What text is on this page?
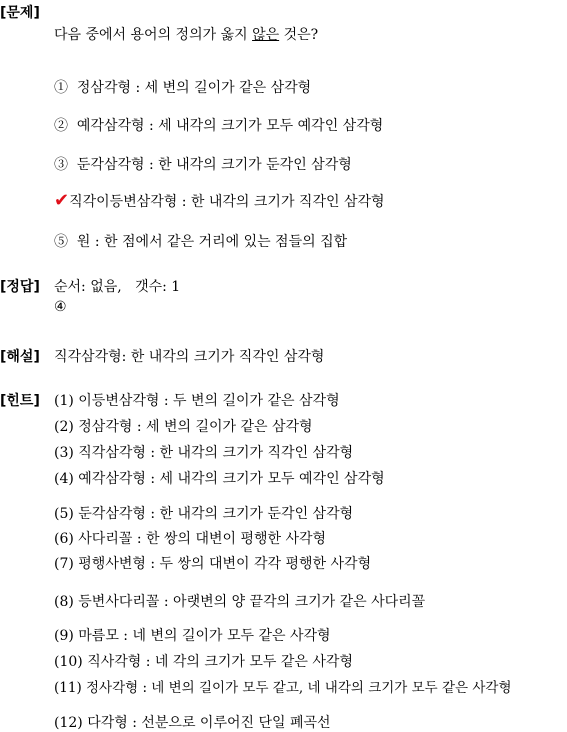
[문제]
다음 중에서 용어의 정의가 옳지 않은 것은?
① 정삼각형 : 세 변의 길이가 같은 삼각형
② 예각삼각형 : 세 내각의 크기가 모두 예각인 삼각형
③ 둔각삼각형 : 한 내각의 크기가 둔각인 삼각형
✔직각이등변삼각형 : 한 내각의 크기가 직각인 삼각형
⑤ 원 : 한 점에서 같은 거리에 있는 점들의 집합
[정답] 순서: 없음,   갯수: 1
④
[해설] 직각삼각형: 한 내각의 크기가 직각인 삼각형
[힌트] (1) 이등변삼각형 : 두 변의 길이가 같은 삼각형
(2) 정삼각형 : 세 변의 길이가 같은 삼각형
(3) 직각삼각형 : 한 내각의 크기가 직각인 삼각형
(4) 예각삼각형 : 세 내각의 크기가 모두 예각인 삼각형
(5) 둔각삼각형 : 한 내각의 크기가 둔각인 삼각형
(6) 사다리꼴 : 한 쌍의 대변이 평행한 사각형
(7) 평행사변형 : 두 쌍의 대변이 각각 평행한 사각형
(8) 등변사다리꼴 : 아랫변의 양 끝각의 크기가 같은 사다리꼴
(9) 마름모 : 네 변의 길이가 모두 같은 사각형
(10) 직사각형 : 네 각의 크기가 모두 같은 사각형
(11) 정사각형 : 네 변의 길이가 모두 같고, 네 내각의 크기가 모두 같은 사각형
(12) 다각형 : 선분으로 이루어진 단일 폐곡선
